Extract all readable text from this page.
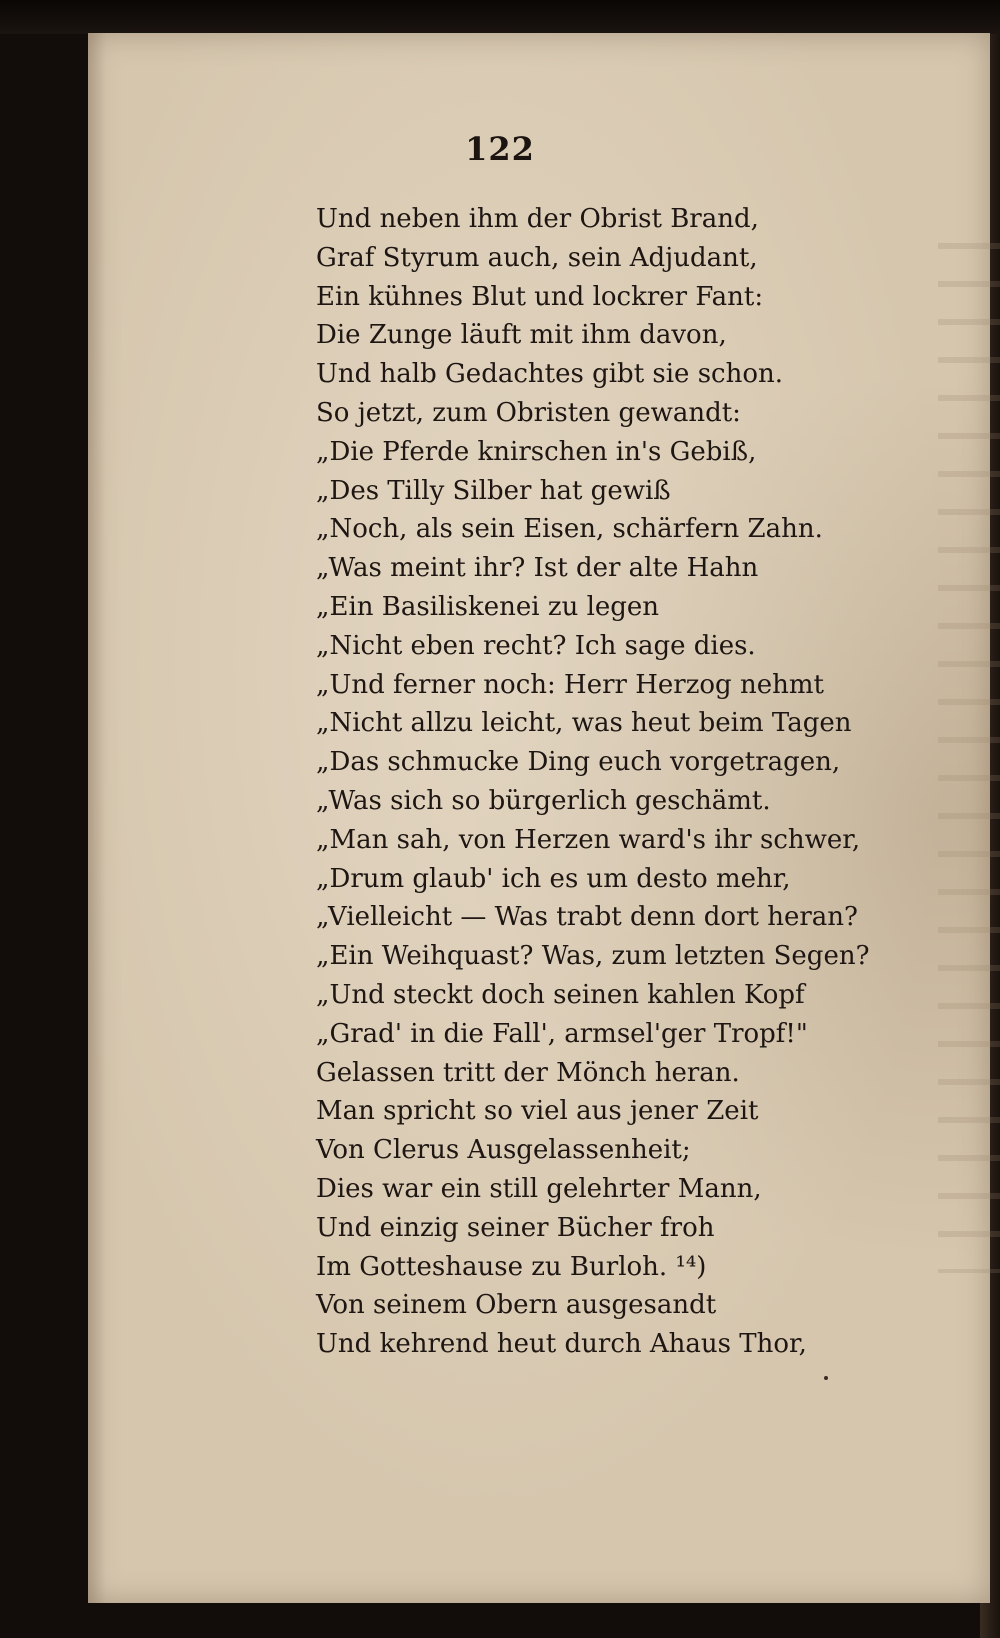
122
Und neben ihm der Obrist Brand,
Graf Styrum auch, sein Adjudant,
Ein kühnes Blut und lockrer Fant:
Die Zunge läuft mit ihm davon,
Und halb Gedachtes gibt sie schon.
So jetzt, zum Obristen gewandt:
„Die Pferde knirschen in's Gebiß,
„Des Tilly Silber hat gewiß
„Noch, als sein Eisen, schärfern Zahn.
„Was meint ihr? Ist der alte Hahn
„Ein Basiliskenei zu legen
„Nicht eben recht? Ich sage dies.
„Und ferner noch: Herr Herzog nehmt
„Nicht allzu leicht, was heut beim Tagen
„Das schmucke Ding euch vorgetragen,
„Was sich so bürgerlich geschämt.
„Man sah, von Herzen ward's ihr schwer,
„Drum glaub' ich es um desto mehr,
„Vielleicht — Was trabt denn dort heran?
„Ein Weihquast? Was, zum letzten Segen?
„Und steckt doch seinen kahlen Kopf
„Grad' in die Fall', armsel'ger Tropf!"
Gelassen tritt der Mönch heran.
Man spricht so viel aus jener Zeit
Von Clerus Ausgelassenheit;
Dies war ein still gelehrter Mann,
Und einzig seiner Bücher froh
Im Gotteshause zu Burloh. ¹⁴)
Von seinem Obern ausgesandt
Und kehrend heut durch Ahaus Thor,
